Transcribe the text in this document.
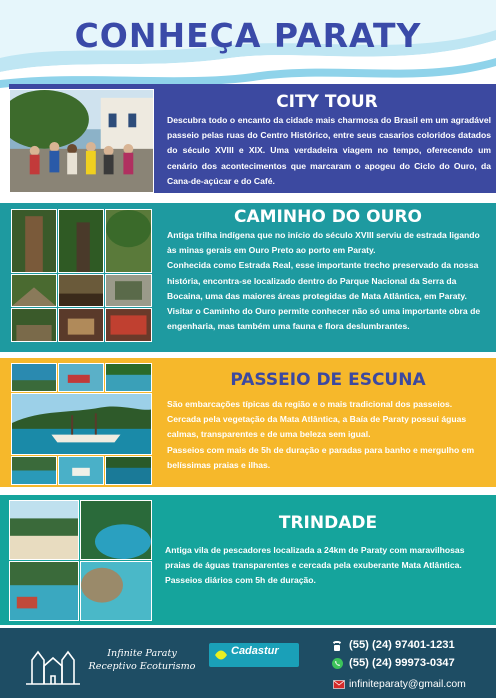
CONHEÇA PARATY
CITY TOUR

Descubra todo o encanto da cidade mais charmosa do Brasil em um agradável passeio pelas ruas do Centro Histórico, entre seus casarios coloridos datados do século XVIII e XIX. Uma verdadeira viagem no tempo, oferecendo um cenário dos acontecimentos que marcaram o apogeu do Ciclo do Ouro, da Cana-de-açúcar e do Café.

CAMINHO DO OURO

Antiga trilha indígena que no início do século XVIII serviu de estrada ligando às minas gerais em Ouro Preto ao porto em Paraty.
Conhecida como Estrada Real, esse importante trecho preservado da nossa história, encontra-se localizado dentro do Parque Nacional da Serra da Bocaina, uma das maiores áreas protegidas de Mata Atlântica, em Paraty.
Visitar o Caminho do Ouro permite conhecer não só uma importante obra de engenharia, mas também uma fauna e flora deslumbrantes.

PASSEIO DE ESCUNA

São embarcações típicas da região e o mais tradicional dos passeios.
Cercada pela vegetação da Mata Atlântica, a Baía de Paraty possui águas calmas, transparentes e de uma beleza sem igual.
Passeios com mais de 5h de duração e paradas para banho e mergulho em belíssimas praias e ilhas.

TRINDADE

Antiga vila de pescadores localizada a 24km de Paraty com maravilhosas praias de águas transparentes e cercada pela exuberante Mata Atlântica. Passeios diários com 5h de duração.

Infinite Paraty
Receptivo Ecoturismo
Cadastur	(55) (24) 97401-1231
(55) (24) 99973-0347
infiniteparaty@gmail.com
